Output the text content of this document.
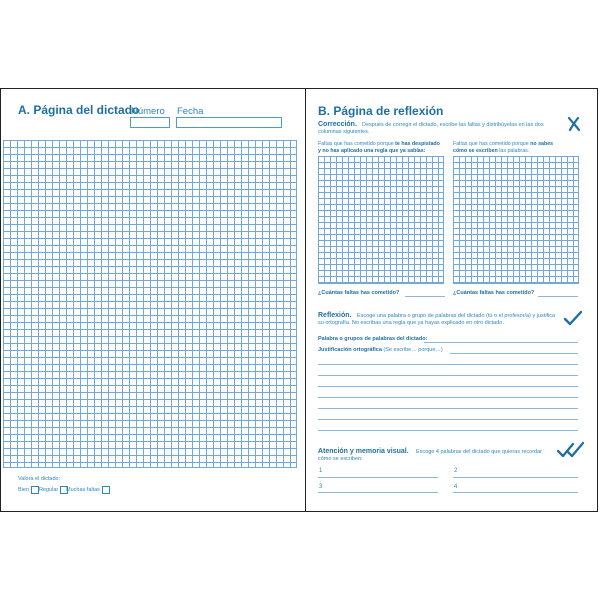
A. Página del dictado
Número Fecha
Valora el dictado:
Bien Regular Muchas faltas
B. Página de reflexión
Corrección. Después de corregir el dictado, escribe las faltas y distribúyelas en las dos
columnas siguientes.
Faltas que has cometido porque te has despistado
y no has aplicado una regla que ya sabías:
Faltas que has cometido porque no sabes
cómo se escriben las palabras.
¿Cuántas faltas has cometido?	¿Cuántas faltas has cometido?
Reflexión. Escoge una palabra o grupo de palabras del dictado (tú o el profesor/a) y justifica
su ortografía. No escribas una regla que ya hayas explicado en otro dictado.
Palabra o grupos de palabras del dictado:
Justificación ortográfica (Se escribe… porque…)
Atención y memoria visual. Escoge 4 palabras del dictado que quieras recordar
cómo se escriben:
1	2
3	4
